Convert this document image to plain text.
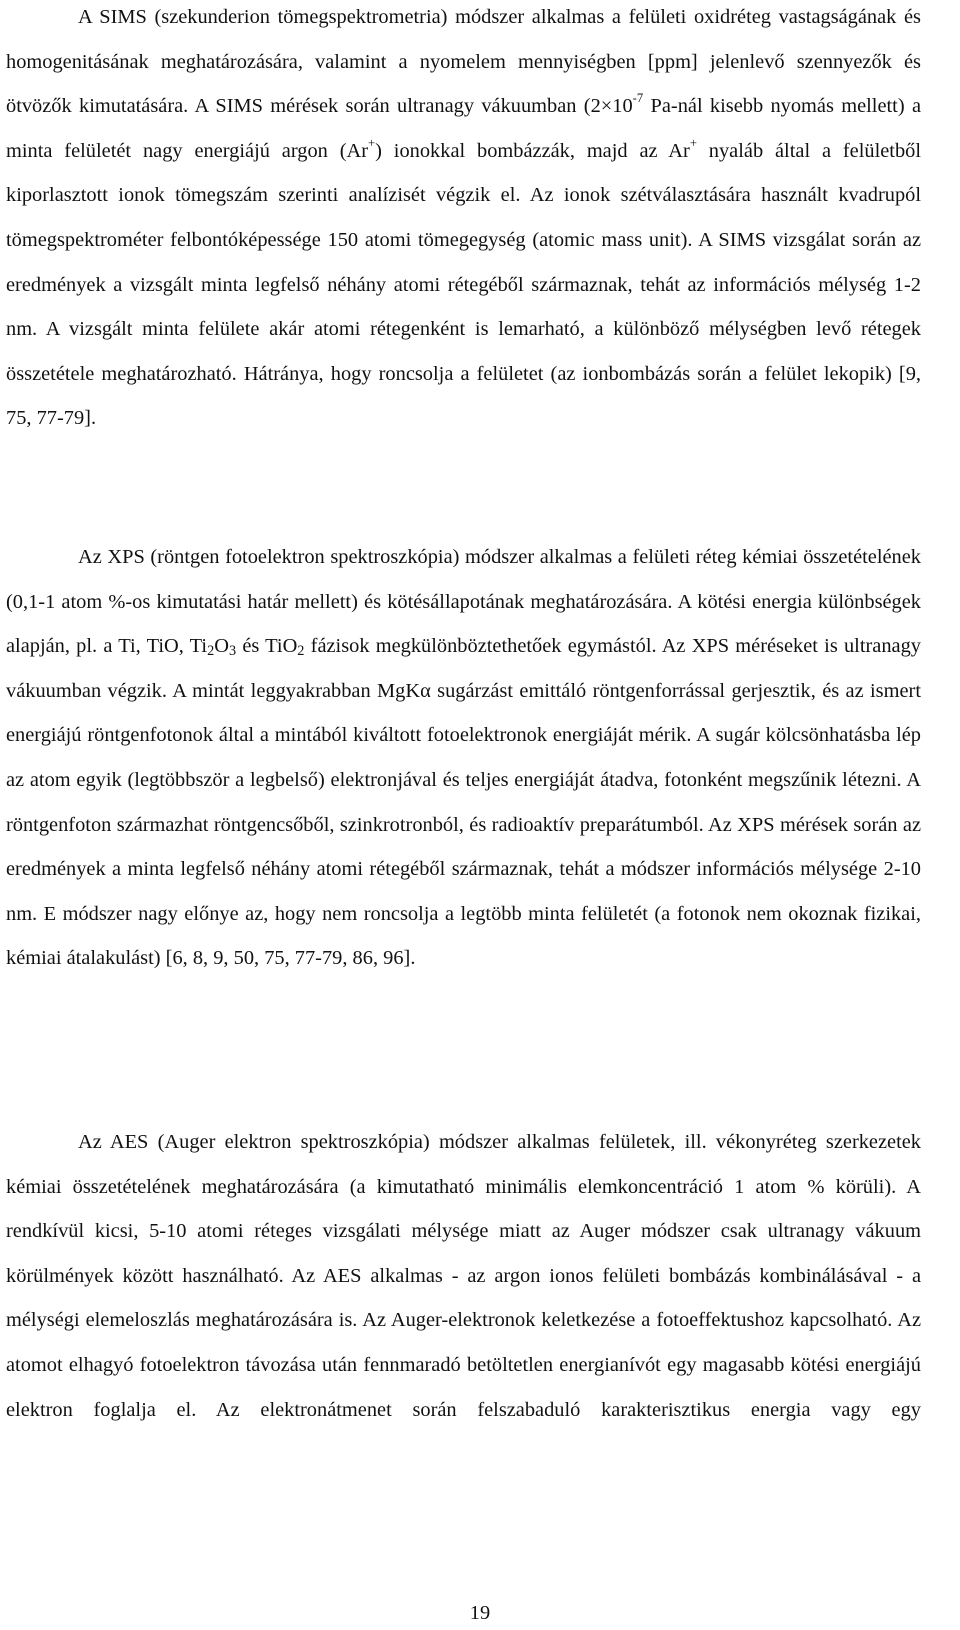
A SIMS (szekunderion tömegspektrometria) módszer alkalmas a felületi oxidréteg vastagságának és homogenitásának meghatározására, valamint a nyomelem mennyiségben [ppm] jelenlevő szennyezők és ötvözők kimutatására. A SIMS mérések során ultranagy vákuumban ($2\times 10^{-7}$ Pa-nál kisebb nyomás mellett) a minta felületét nagy energiájú argon (Ar+) ionokkal bombázzák, majd az Ar+ nyaláb által a felületből kiporlasztott ionok tömegszám szerinti analízisét végzik el. Az ionok szétválasztására használt kvadrupól tömegspektrométer felbontóképessége 150 atomi tömegegység (atomic mass unit). A SIMS vizsgálat során az eredmények a vizsgált minta legfelső néhány atomi rétegéből származnak, tehát az információs mélység 1-2 nm. A vizsgált minta felülete akár atomi rétegenként is lemarható, a különböző mélységben levő rétegek összetétele meghatározható. Hátránya, hogy roncsolja a felületet (az ionbombázás során a felület lekopik) [9, 75, 77-79].

Az XPS (röntgen fotoelektron spektroszkópia) módszer alkalmas a felületi réteg kémiai összetételének (0,1-1 atom %-os kimutatási határ mellett) és kötésállapotának meghatározására. A kötési energia különbségek alapján, pl. a Ti, TiO, $Ti_2O_3$ és TiO$_2$ fázisok megkülönböztethetőek egymástól. Az XPS méréseket is ultranagy vákuumban végzik. A mintát leggyakrabban MgKα sugárzást emittáló röntgenforrással gerjesztik, és az ismert energiájú röntgenfotonok által a mintából kiváltott fotoelektronok energiáját mérik. A sugár kölcsönhatásba lép az atom egyik (legtöbbször a legbelső) elektronjával és teljes energiáját átadva, fotonként megszűnik létezni. A röntgenfoton származhat röntgencsőből, szinkrotronból, és radioaktív preparátumból. Az XPS mérések során az eredmények a minta legfelső néhány atomi rétegéből származnak, tehát a módszer információs mélysége 2-10 nm. E módszer nagy előnye az, hogy nem roncsolja a legtöbb minta felületét (a fotonok nem okoznak fizikai, kémiai átalakulást) [6, 8, 9, 50, 75, 77-79, 86, 96].

Az AES (Auger elektron spektroszkópia) módszer alkalmas felületek, ill. vékonyréteg szerkezetek kémiai összetételének meghatározására (a kimutatható minimális elemkoncentráció 1 atom % körüli). A rendkívül kicsi, 5-10 atomi réteges vizsgálati mélysége miatt az Auger módszer csak ultranagy vákuum körülmények között használható. Az AES alkalmas - az argon ionos felületi bombázás kombinálásával - a mélységi elemeloszlás meghatározására is. Az Auger-elektronok keletkezése a fotoeffektushoz kapcsolható. Az atomot elhagyó fotoelektron távozása után fennmaradó betöltetlen energianívót egy magasabb kötési energiájú elektron foglalja el. Az elektronátmenet során felszabaduló karakterisztikus energia vagy egy

19
